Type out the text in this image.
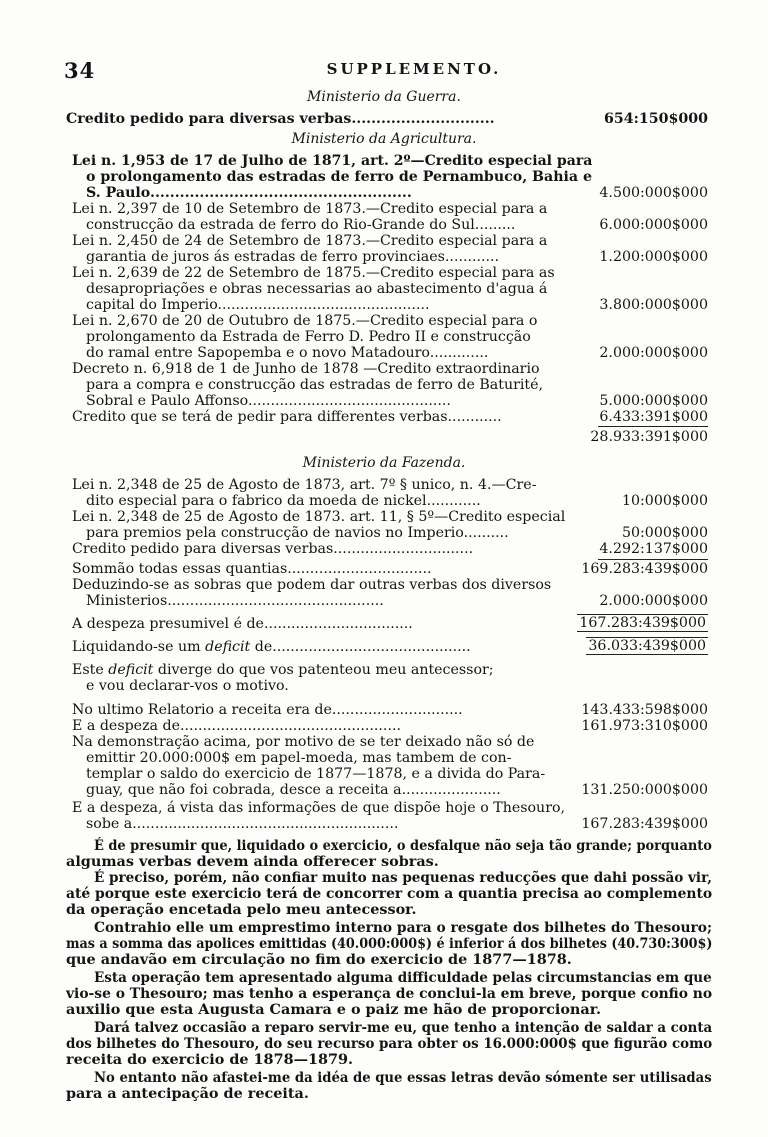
34	SUPPLEMENTO.
Ministerio da Guerra.
Credito pedido para diversas verbas.............................	654:150$000
Ministerio da Agricultura.
Lei n. 1,953 de 17 de Julho de 1871, art. 2º—Credito especial para
o prolongamento das estradas de ferro de Pernambuco, Bahia e
S. Paulo.....................................................	4.500:000$000
Lei n. 2,397 de 10 de Setembro de 1873.—Credito especial para a
construcção da estrada de ferro do Rio-Grande do Sul.........	6.000:000$000
Lei n. 2,450 de 24 de Setembro de 1873.—Credito especial para a
garantia de juros ás estradas de ferro provinciaes............	1.200:000$000
Lei n. 2,639 de 22 de Setembro de 1875.—Credito especial para as
desapropriações e obras necessarias ao abastecimento d'agua á
capital do Imperio...............................................	3.800:000$000
Lei n. 2,670 de 20 de Outubro de 1875.—Credito especial para o
prolongamento da Estrada de Ferro D. Pedro II e construcção
do ramal entre Sapopemba e o novo Matadouro.............	2.000:000$000
Decreto n. 6,918 de 1 de Junho de 1878 —Credito extraordinario
para a compra e construcção das estradas de ferro de Baturité,
Sobral e Paulo Affonso.............................................	5.000:000$000
Credito que se terá de pedir para differentes verbas............	6.433:391$000
28.933:391$000
Ministerio da Fazenda.
Lei n. 2,348 de 25 de Agosto de 1873, art. 7º § unico, n. 4.—Cre-
dito especial para o fabrico da moeda de nickel............	10:000$000
Lei n. 2,348 de 25 de Agosto de 1873. art. 11, § 5º—Credito especial
para premios pela construcção de navios no Imperio..........	50:000$000
Credito pedido para diversas verbas...............................	4.292:137$000
Sommão todas essas quantias................................	169.283:439$000
Deduzindo-se as sobras que podem dar outras verbas dos diversos
Ministerios................................................	2.000:000$000
A despeza presumivel é de.................................	167.283:439$000
Liquidando-se um deficit de............................................	36.033:439$000
Este deficit diverge do que vos patenteou meu antecessor;
e vou declarar-vos o motivo.
No ultimo Relatorio a receita era de.............................	143.433:598$000
E a despeza de.................................................	161.973:310$000
Na demonstração acima, por motivo de se ter deixado não só de
emittir 20.000:000$ em papel-moeda, mas tambem de con-
templar o saldo do exercicio de 1877—1878, e a divida do Para-
guay, que não foi cobrada, desce a receita a......................	131.250:000$000
E a despeza, á vista das informações de que dispõe hoje o Thesouro,
sobe a...........................................................	167.283:439$000
É de presumir que, liquidado o exercicio, o desfalque não seja tão grande; porquanto
algumas verbas devem ainda offerecer sobras.
É preciso, porém, não confiar muito nas pequenas reducções que dahi possão vir,
até porque este exercicio terá de concorrer com a quantia precisa ao complemento
da operação encetada pelo meu antecessor.
Contrahio elle um emprestimo interno para o resgate dos bilhetes do Thesouro;
mas a somma das apolices emittidas (40.000:000$) é inferior á dos bilhetes (40.730:300$)
que andavão em circulação no fim do exercicio de 1877—1878.
Esta operação tem apresentado alguma difficuldade pelas circumstancias em que
vio-se o Thesouro; mas tenho a esperança de conclui-la em breve, porque confio no
auxilio que esta Augusta Camara e o paiz me hão de proporcionar.
Dará talvez occasião a reparo servir-me eu, que tenho a intenção de saldar a conta
dos bilhetes do Thesouro, do seu recurso para obter os 16.000:000$ que figurão como
receita do exercicio de 1878—1879.
No entanto não afastei-me da idéa de que essas letras devão sómente ser utilisadas
para a antecipação de receita.
